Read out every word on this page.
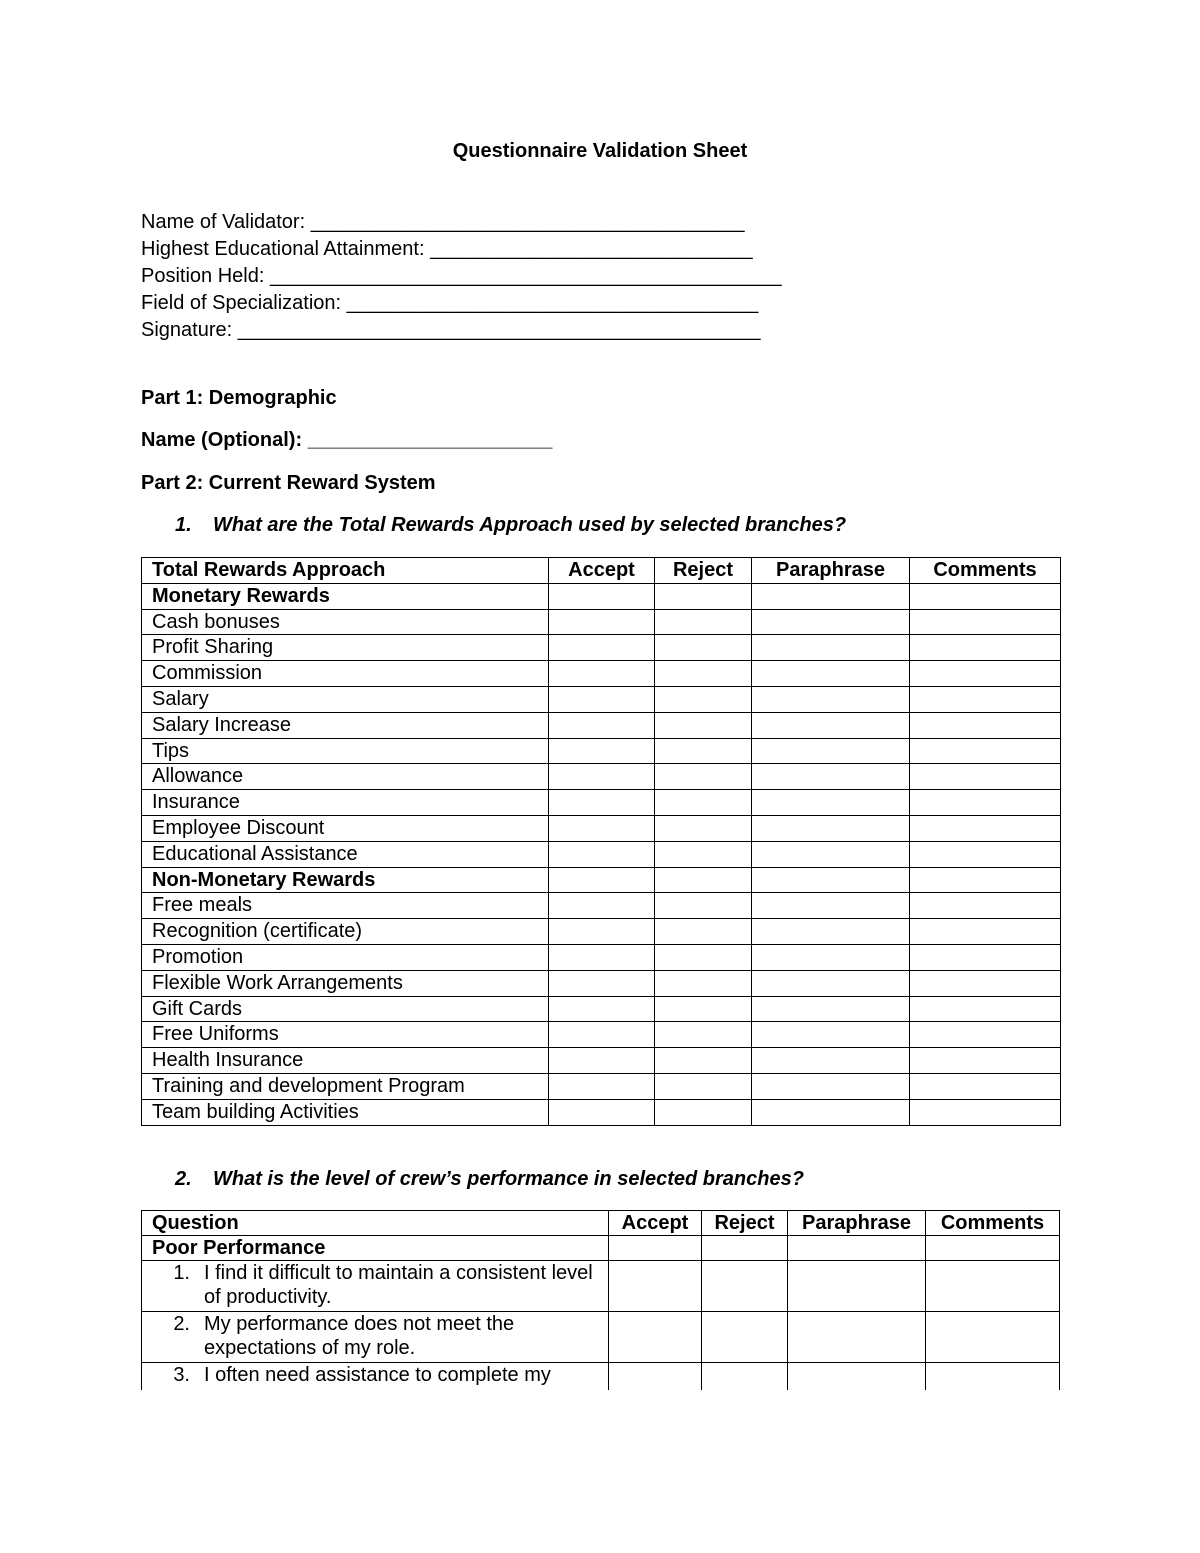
Questionnaire Validation Sheet
Name of Validator: _______________________________________
Highest Educational Attainment: _____________________________
Position Held: ______________________________________________
Field of Specialization: _____________________________________
Signature: _______________________________________________
Part 1: Demographic
Name (Optional): ______________________
Part 2: Current Reward System
1. What are the Total Rewards Approach used by selected branches?
Total Rewards Approach	Accept	Reject	Paraphrase	Comments
Monetary Rewards				
Cash bonuses				
Profit Sharing				
Commission				
Salary				
Salary Increase				
Tips				
Allowance				
Insurance				
Employee Discount				
Educational Assistance				
Non-Monetary Rewards				
Free meals				
Recognition (certificate)				
Promotion				
Flexible Work Arrangements				
Gift Cards				
Free Uniforms				
Health Insurance				
Training and development Program				
Team building Activities				
2. What is the level of crew’s performance in selected branches?
Question	Accept	Reject	Paraphrase	Comments
Poor Performance				

1. I find it difficult to maintain a consistent level of productivity.				

2. My performance does not meet the expectations of my role.				

3. I often need assistance to complete my				
